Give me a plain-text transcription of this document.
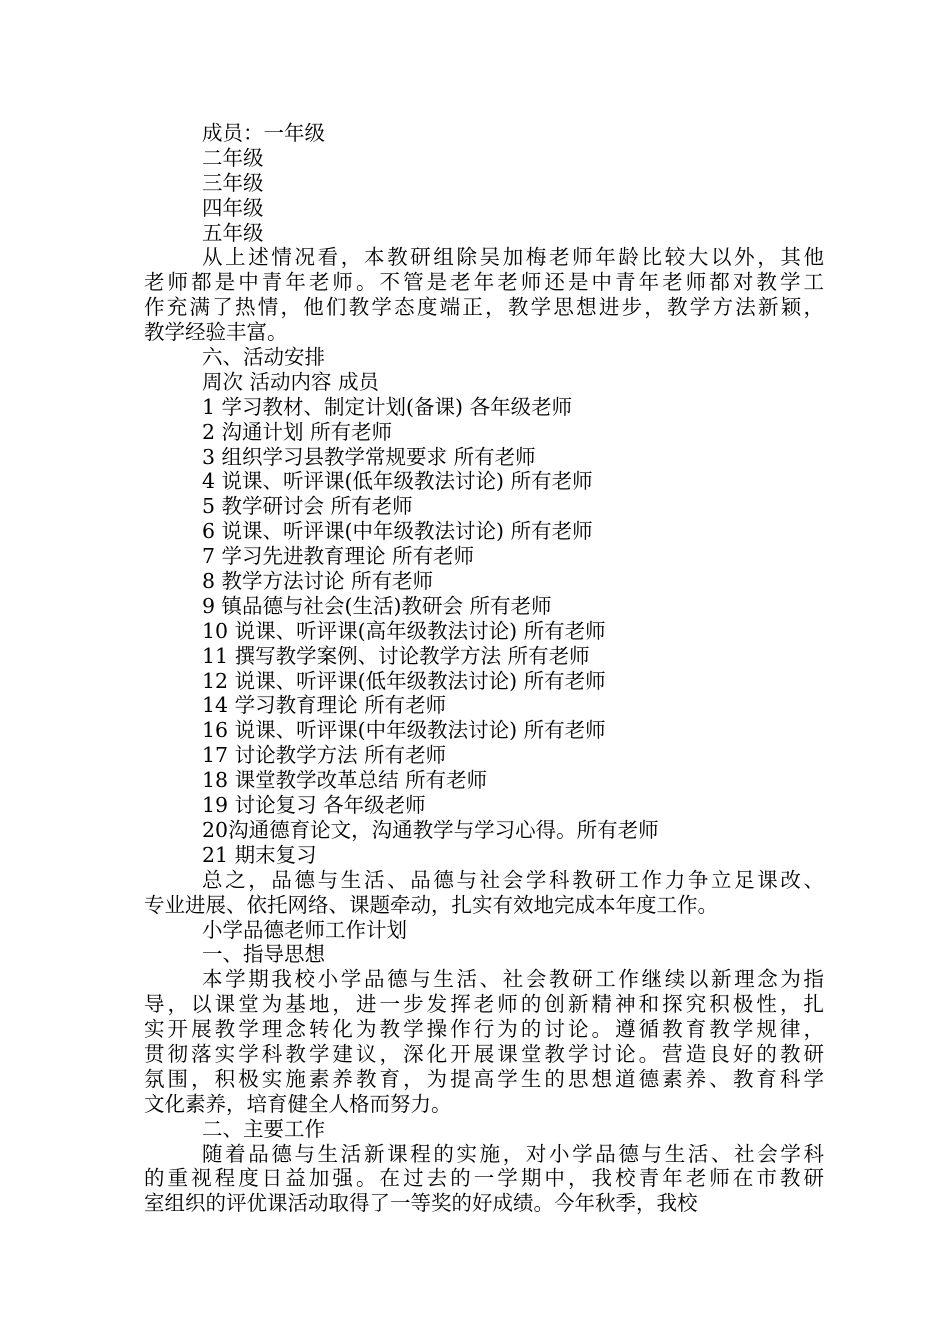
成员：一年级
二年级
三年级
四年级
五年级
从上述情况看，本教研组除吴加梅老师年龄比较大以外，其他
老师都是中青年老师。不管是老年老师还是中青年老师都对教学工
作充满了热情，他们教学态度端正，教学思想进步，教学方法新颖，
教学经验丰富。
六、活动安排
周次 活动内容 成员
1 学习教材、制定计划(备课) 各年级老师
2 沟通计划 所有老师
3 组织学习县教学常规要求 所有老师
4 说课、听评课(低年级教法讨论) 所有老师
5 教学研讨会 所有老师
6 说课、听评课(中年级教法讨论) 所有老师
7 学习先进教育理论 所有老师
8 教学方法讨论 所有老师
9 镇品德与社会(生活)教研会 所有老师
10 说课、听评课(高年级教法讨论) 所有老师
11 撰写教学案例、讨论教学方法 所有老师
12 说课、听评课(低年级教法讨论) 所有老师
14 学习教育理论 所有老师
16 说课、听评课(中年级教法讨论) 所有老师
17 讨论教学方法 所有老师
18 课堂教学改革总结 所有老师
19 讨论复习 各年级老师
20沟通德育论文，沟通教学与学习心得。所有老师
21 期末复习
总之，品德与生活、品德与社会学科教研工作力争立足课改、
专业进展、依托网络、课题牵动，扎实有效地完成本年度工作。
小学品德老师工作计划
一、指导思想
本学期我校小学品德与生活、社会教研工作继续以新理念为指
导，以课堂为基地，进一步发挥老师的创新精神和探究积极性，扎
实开展教学理念转化为教学操作行为的讨论。遵循教育教学规律，
贯彻落实学科教学建议，深化开展课堂教学讨论。营造良好的教研
氛围，积极实施素养教育，为提高学生的思想道德素养、教育科学
文化素养，培育健全人格而努力。
二、主要工作
随着品德与生活新课程的实施，对小学品德与生活、社会学科
的重视程度日益加强。在过去的一学期中，我校青年老师在市教研
室组织的评优课活动取得了一等奖的好成绩。今年秋季，我校
